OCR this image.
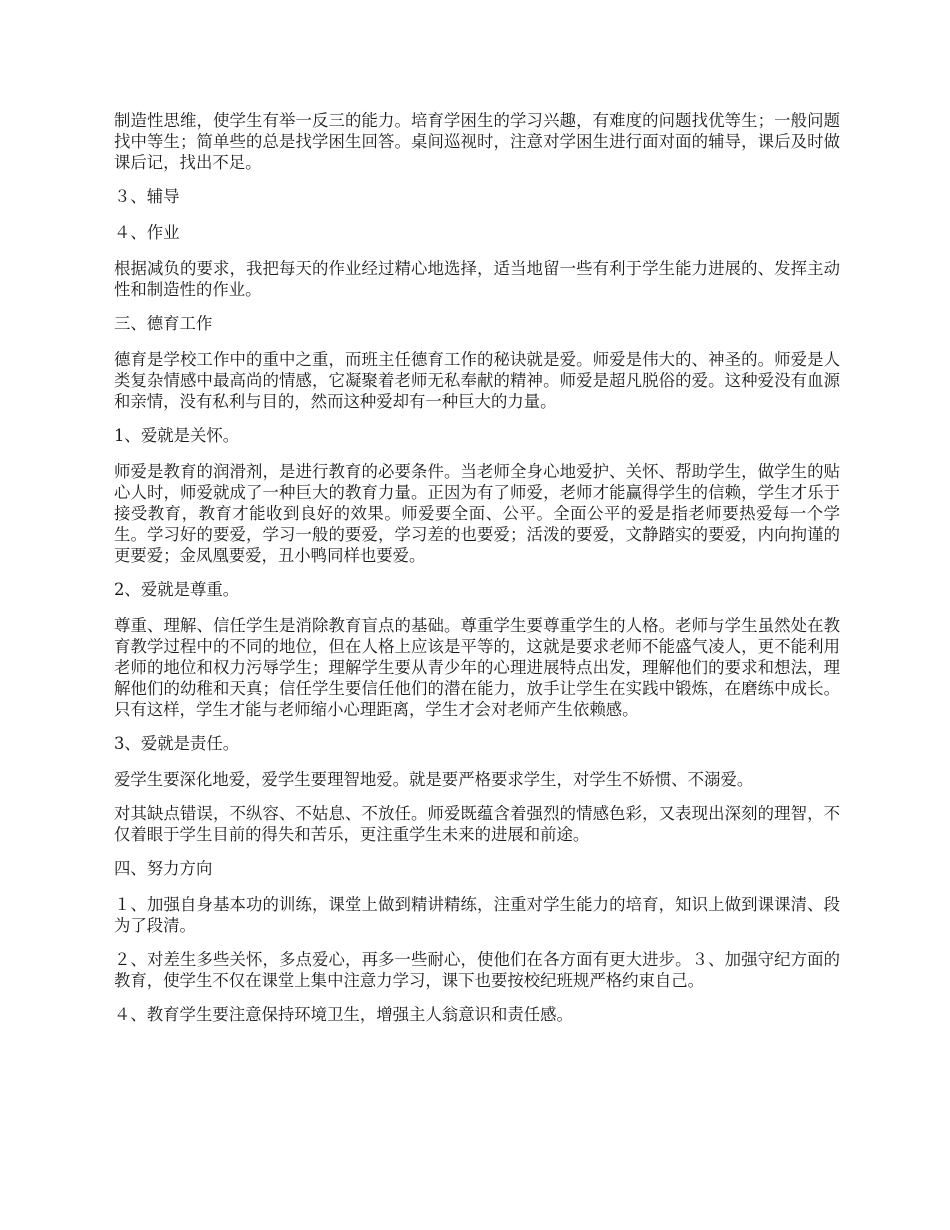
制造性思维，使学生有举一反三的能力。培育学困生的学习兴趣，有难度的问题找优等生；一般问题找中等生；简单些的总是找学困生回答。桌间巡视时，注意对学困生进行面对面的辅导，课后及时做课后记，找出不足。

３、辅导

４、作业

根据减负的要求，我把每天的作业经过精心地选择，适当地留一些有利于学生能力进展的、发挥主动性和制造性的作业。

三、德育工作

德育是学校工作中的重中之重，而班主任德育工作的秘诀就是爱。师爱是伟大的、神圣的。师爱是人类复杂情感中最高尚的情感，它凝聚着老师无私奉献的精神。师爱是超凡脱俗的爱。这种爱没有血源和亲情，没有私利与目的，然而这种爱却有一种巨大的力量。

1、爱就是关怀。

师爱是教育的润滑剂，是进行教育的必要条件。当老师全身心地爱护、关怀、帮助学生，做学生的贴心人时，师爱就成了一种巨大的教育力量。正因为有了师爱，老师才能赢得学生的信赖，学生才乐于接受教育，教育才能收到良好的效果。师爱要全面、公平。全面公平的爱是指老师要热爱每一个学生。学习好的要爱，学习一般的要爱，学习差的也要爱；活泼的要爱，文静踏实的要爱，内向拘谨的更要爱；金凤凰要爱，丑小鸭同样也要爱。

2、爱就是尊重。

尊重、理解、信任学生是消除教育盲点的基础。尊重学生要尊重学生的人格。老师与学生虽然处在教育教学过程中的不同的地位，但在人格上应该是平等的，这就是要求老师不能盛气凌人，更不能利用老师的地位和权力污辱学生；理解学生要从青少年的心理进展特点出发，理解他们的要求和想法，理解他们的幼稚和天真；信任学生要信任他们的潜在能力，放手让学生在实践中锻炼，在磨练中成长。只有这样，学生才能与老师缩小心理距离，学生才会对老师产生依赖感。

3、爱就是责任。

爱学生要深化地爱，爱学生要理智地爱。就是要严格要求学生，对学生不娇惯、不溺爱。

对其缺点错误，不纵容、不姑息、不放任。师爱既蕴含着强烈的情感色彩，又表现出深刻的理智，不仅着眼于学生目前的得失和苦乐，更注重学生未来的进展和前途。

四、努力方向

１、加强自身基本功的训练，课堂上做到精讲精练，注重对学生能力的培育，知识上做到课课清、段为了段清。

２、对差生多些关怀，多点爱心，再多一些耐心，使他们在各方面有更大进步。３、加强守纪方面的教育，使学生不仅在课堂上集中注意力学习，课下也要按校纪班规严格约束自己。

４、教育学生要注意保持环境卫生，增强主人翁意识和责任感。
